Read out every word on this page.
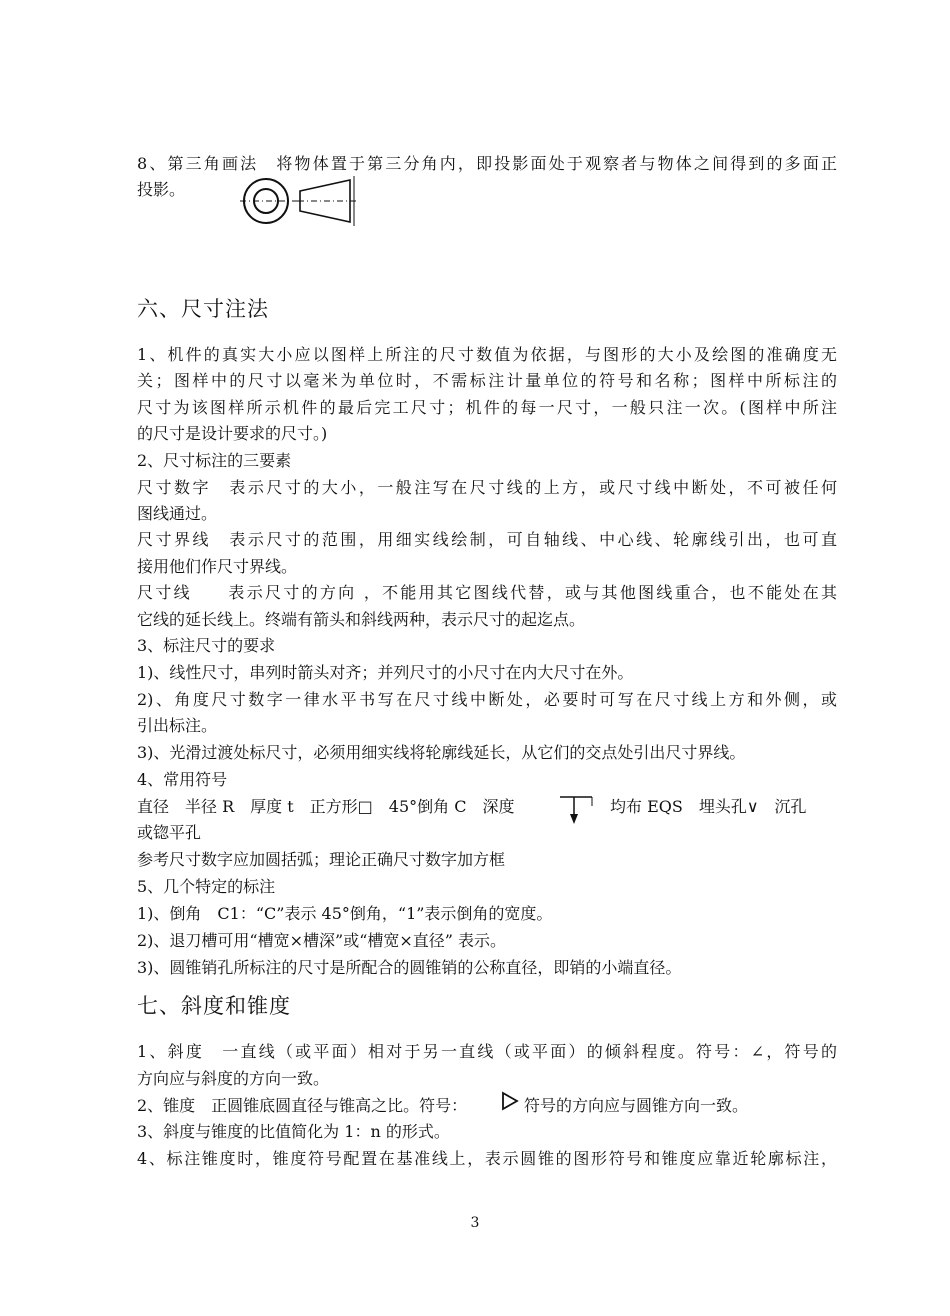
8、第三角画法　将物体置于第三分角内，即投影面处于观察者与物体之间得到的多面正
投影。
六、尺寸注法
1、机件的真实大小应以图样上所注的尺寸数值为依据，与图形的大小及绘图的准确度无
关；图样中的尺寸以毫米为单位时，不需标注计量单位的符号和名称；图样中所标注的
尺寸为该图样所示机件的最后完工尺寸；机件的每一尺寸，一般只注一次。(图样中所注
的尺寸是设计要求的尺寸。)
2、尺寸标注的三要素
尺寸数字　表示尺寸的大小，一般注写在尺寸线的上方，或尺寸线中断处，不可被任何
图线通过。
尺寸界线　表示尺寸的范围，用细实线绘制，可自轴线、中心线、轮廓线引出，也可直
接用他们作尺寸界线。
尺寸线　　表示尺寸的方向 ，不能用其它图线代替，或与其他图线重合，也不能处在其
它线的延长线上。终端有箭头和斜线两种，表示尺寸的起迄点。
3、标注尺寸的要求
1)、线性尺寸，串列时箭头对齐；并列尺寸的小尺寸在内大尺寸在外。
2)、角度尺寸数字一律水平书写在尺寸线中断处，必要时可写在尺寸线上方和外侧，或
引出标注。
3)、光滑过渡处标尺寸，必须用细实线将轮廓线延长，从它们的交点处引出尺寸界线。
4、常用符号
直径　半径 R　厚度 t　正方形□　45°倒角 C　深度	均布 EQS　埋头孔∨　沉孔
或锪平孔
参考尺寸数字应加圆括弧；理论正确尺寸数字加方框
5、几个特定的标注
1)、倒角　C1：“C”表示 45°倒角，“1”表示倒角的宽度。
2)、退刀槽可用“槽宽×槽深”或“槽宽×直径” 表示。
3)、圆锥销孔所标注的尺寸是所配合的圆锥销的公称直径，即销的小端直径。
七、斜度和锥度
1、斜度　一直线（或平面）相对于另一直线（或平面）的倾斜程度。符号：∠，符号的
方向应与斜度的方向一致。
2、锥度　正圆锥底圆直径与锥高之比。符号：	符号的方向应与圆锥方向一致。
3、斜度与锥度的比值简化为 1：n 的形式。
4、标注锥度时，锥度符号配置在基准线上，表示圆锥的图形符号和锥度应靠近轮廓标注，
3
